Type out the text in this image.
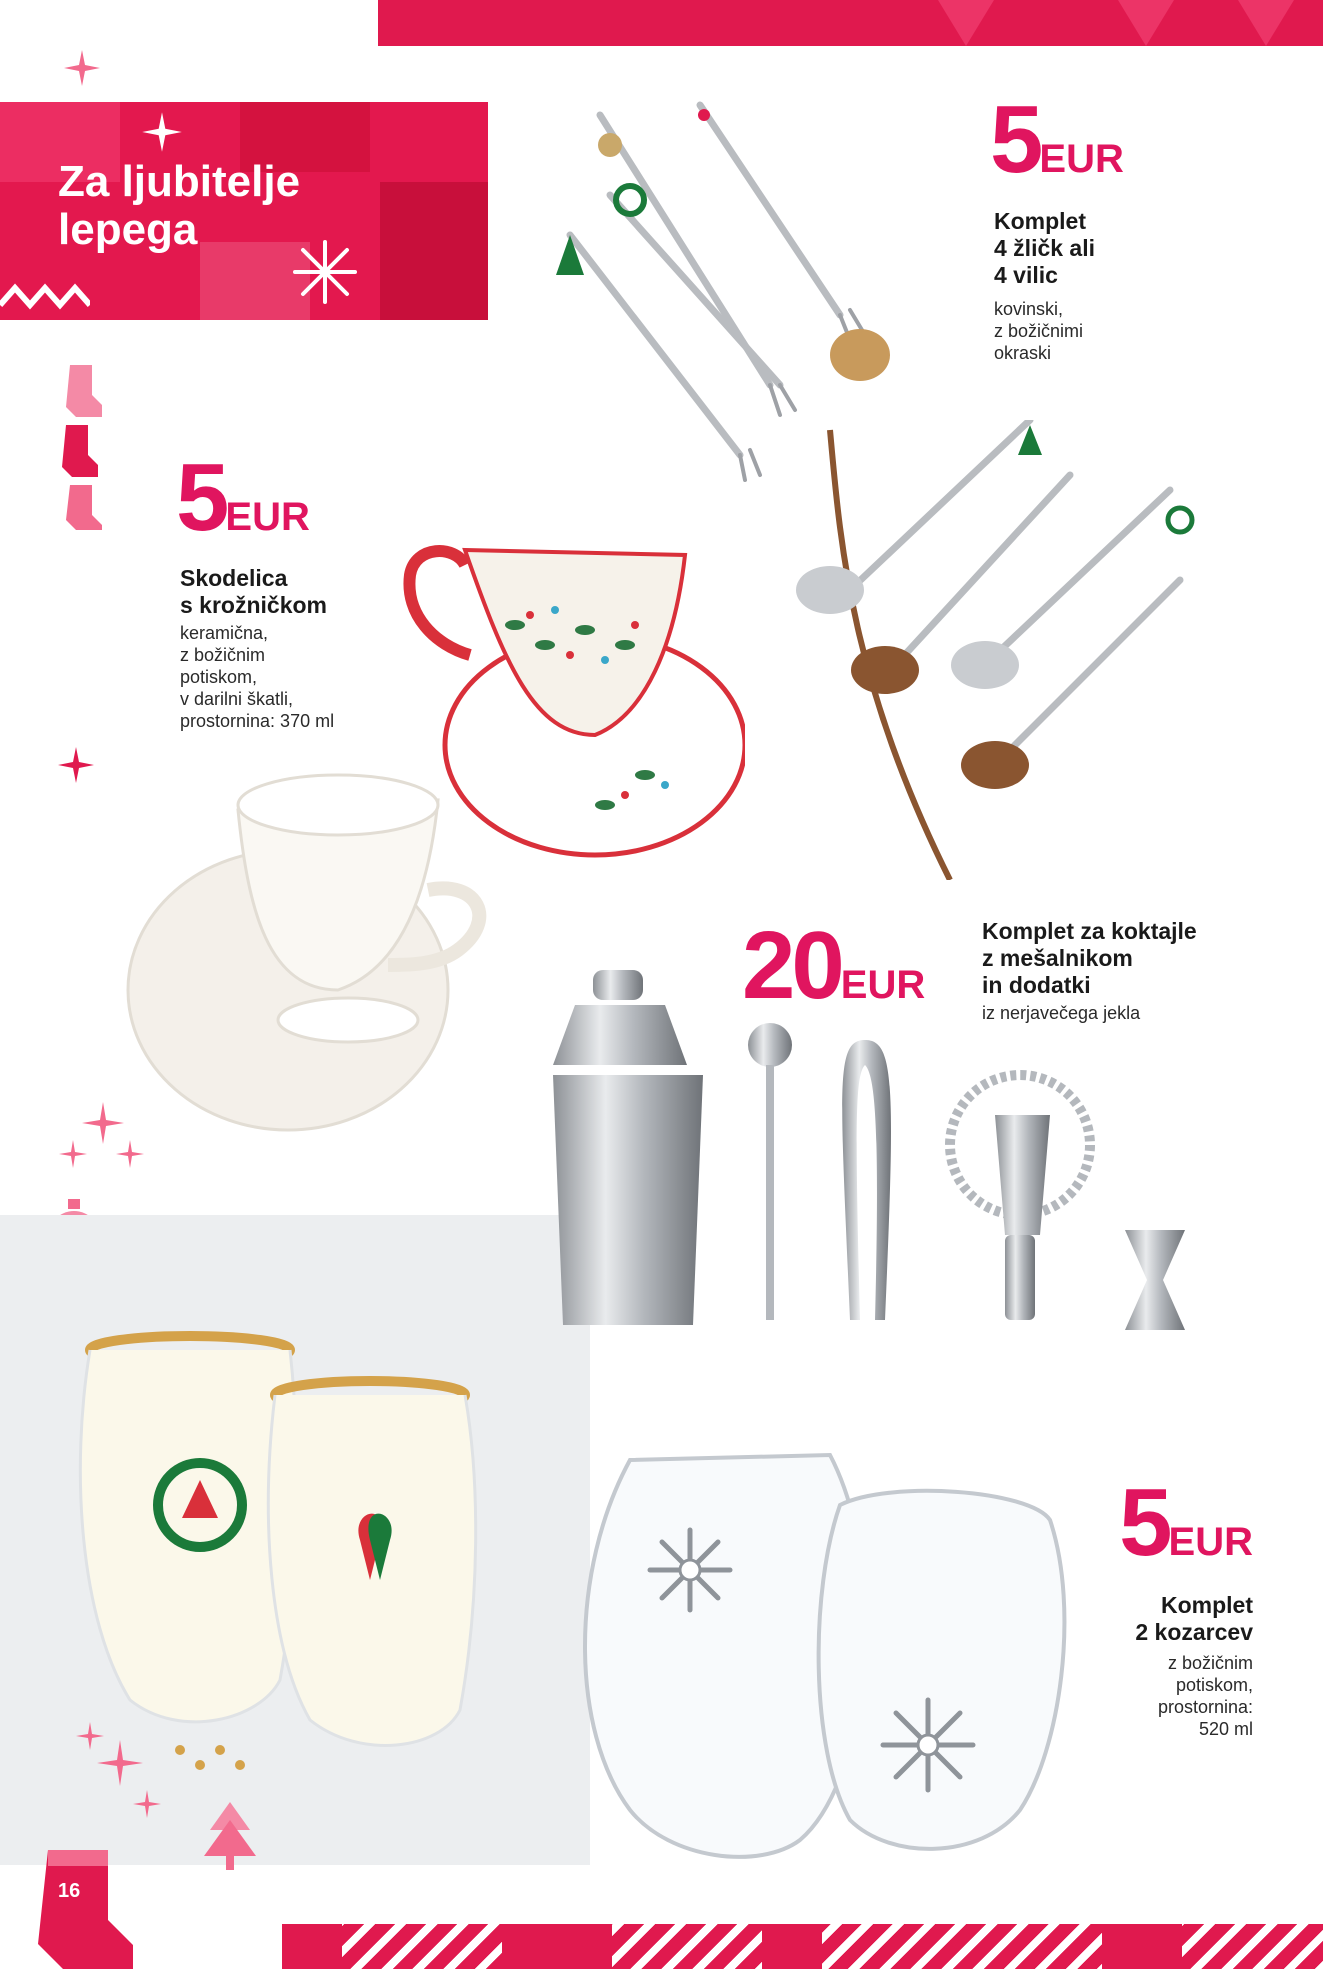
Za ljubitelje
lepega
5EUR
Komplet
4 žličk ali
4 vilic
kovinski,
z božičnimi
okraski
5EUR
Skodelica
s krožničkom
keramična,
z božičnim
potiskom,
v darilni škatli,
prostornina: 370 ml
20EUR
Komplet za koktajle
z mešalnikom
in dodatki
iz nerjavečega jekla
5EUR
Komplet
2 kozarcev
z božičnim
potiskom,
prostornina:
520 ml
16
